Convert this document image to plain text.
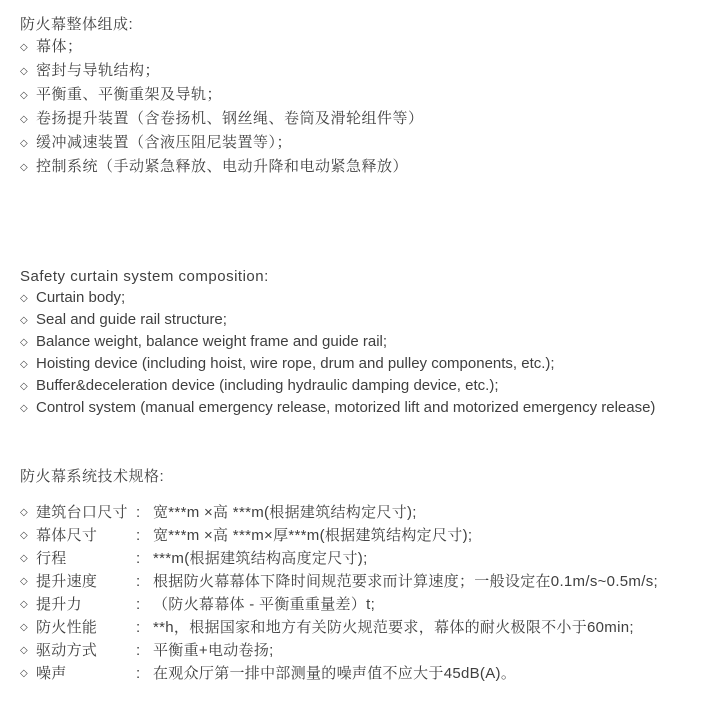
防火幕整体组成:
◇ 幕体；
◇ 密封与导轨结构；
◇ 平衡重、平衡重架及导轨；
◇ 卷扬提升装置（含卷扬机、钢丝绳、卷筒及滑轮组件等）
◇ 缓冲减速装置（含液压阻尼装置等）；
◇ 控制系统（手动紧急释放、电动升降和电动紧急释放）
Safety curtain system composition:
◇ Curtain body;
◇ Seal and guide rail structure;
◇ Balance weight, balance weight frame and guide rail;
◇ Hoisting device (including hoist, wire rope, drum and pulley components, etc.);
◇ Buffer&deceleration device (including hydraulic damping device, etc.);
◇ Control system (manual emergency release, motorized lift and motorized emergency release)
防火幕系统技术规格:
◇ 建筑台口尺寸 : 宽***m ×高 ***m(根据建筑结构定尺寸);
◇ 幕体尺寸	: 宽***m ×高 ***m×厚***m(根据建筑结构定尺寸);
◇ 行程	: ***m(根据建筑结构高度定尺寸);
◇ 提升速度	: 根据防火幕幕体下降时间规范要求而计算速度；一般设定在0.1m/s~0.5m/s;
◇ 提升力	: （防火幕幕体 - 平衡重重量差）t;
◇ 防火性能	: **h，根据国家和地方有关防火规范要求，幕体的耐火极限不小于60min;
◇ 驱动方式	: 平衡重+电动卷扬;
◇ 噪声	: 在观众厅第一排中部测量的噪声值不应大于45dB(A)。
